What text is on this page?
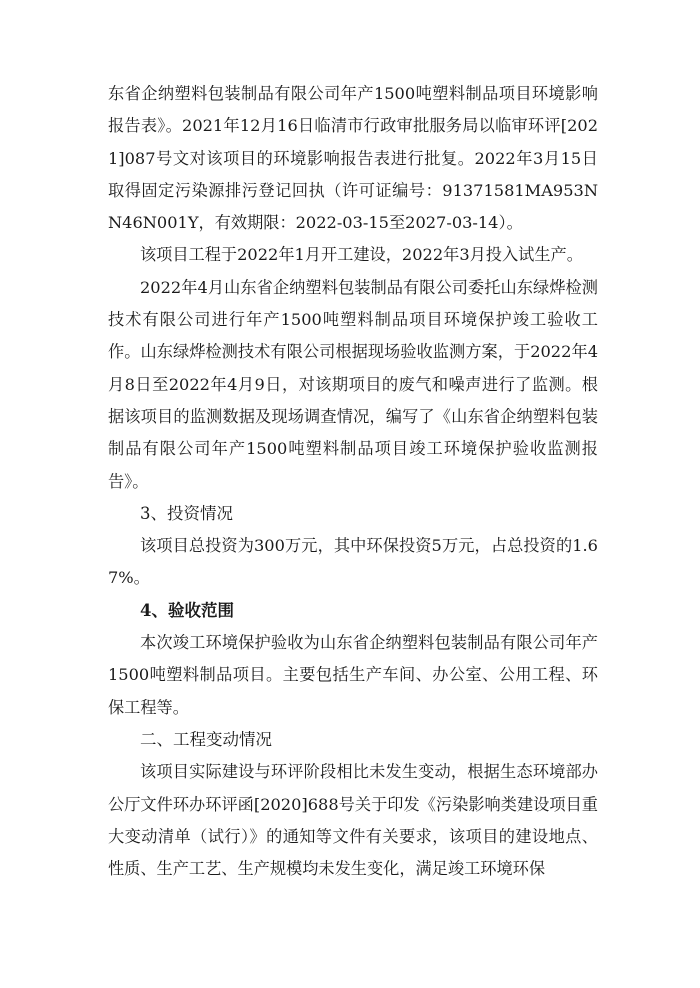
东省企纳塑料包装制品有限公司年产1500吨塑料制品项目环境影响报告表》。2021年12月16日临清市行政审批服务局以临审环评[2021]087号文对该项目的环境影响报告表进行批复。2022年3月15日取得固定污染源排污登记回执（许可证编号：91371581MA953NN46N001Y，有效期限：2022-03-15至2027-03-14）。

该项目工程于2022年1月开工建设，2022年3月投入试生产。

2022年4月山东省企纳塑料包装制品有限公司委托山东绿烨检测技术有限公司进行年产1500吨塑料制品项目环境保护竣工验收工作。山东绿烨检测技术有限公司根据现场验收监测方案，于2022年4月8日至2022年4月9日，对该期项目的废气和噪声进行了监测。根据该项目的监测数据及现场调查情况，编写了《山东省企纳塑料包装制品有限公司年产1500吨塑料制品项目竣工环境保护验收监测报告》。

3、投资情况

该项目总投资为300万元，其中环保投资5万元，占总投资的1.67%。

4、验收范围

本次竣工环境保护验收为山东省企纳塑料包装制品有限公司年产1500吨塑料制品项目。主要包括生产车间、办公室、公用工程、环保工程等。

二、工程变动情况

该项目实际建设与环评阶段相比未发生变动，根据生态环境部办公厅文件环办环评函[2020]688号关于印发《污染影响类建设项目重大变动清单（试行）》的通知等文件有关要求，该项目的建设地点、性质、生产工艺、生产规模均未发生变化，满足竣工环境环保
